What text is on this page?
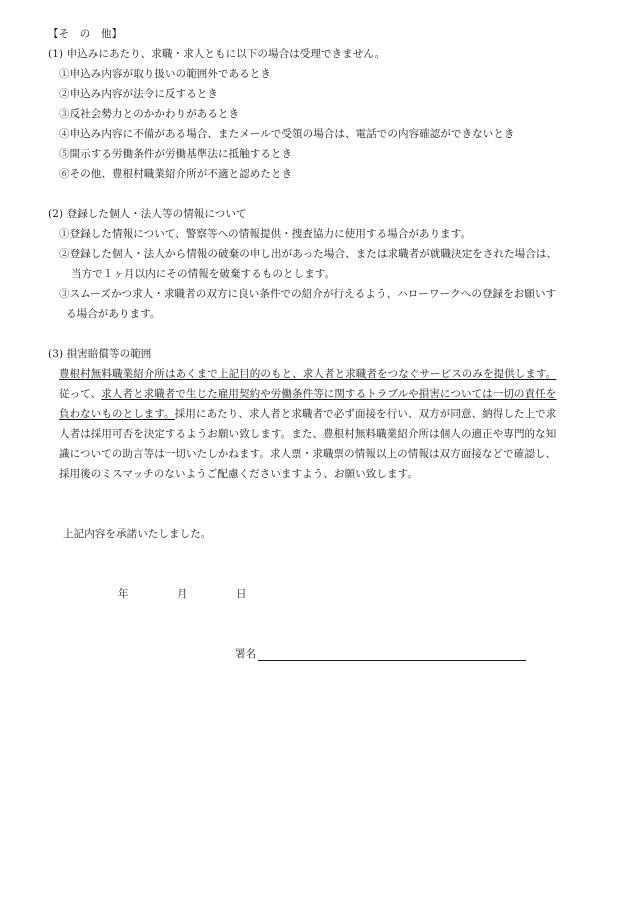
【そ　の　他】
(1) 申込みにあたり、求職・求人ともに以下の場合は受理できません。
①申込み内容が取り扱いの範囲外であるとき
②申込み内容が法令に反するとき
③反社会勢力とのかかわりがあるとき
④申込み内容に不備がある場合、またメールで受領の場合は、電話での内容確認ができないとき
⑤開示する労働条件が労働基準法に抵触するとき
⑥その他、豊根村職業紹介所が不適と認めたとき
(2) 登録した個人・法人等の情報について
①登録した情報について、警察等への情報提供・捜査協力に使用する場合があります。
②登録した個人・法人から情報の破棄の申し出があった場合、または求職者が就職決定をされた場合は、
当方で１ヶ月以内にその情報を破棄するものとします。
③スムーズかつ求人・求職者の双方に良い条件での紹介が行えるよう、ハローワークへの登録をお願いす
る場合があります。
(3) 損害賠償等の範囲
豊根村無料職業紹介所はあくまで上記目的のもと、求人者と求職者をつなぐサービスのみを提供します。
従って、求人者と求職者で生じた雇用契約や労働条件等に関するトラブルや損害については一切の責任を
負わないものとします。採用にあたり、求人者と求職者で必ず面接を行い、双方が同意、納得した上で求
人者は採用可否を決定するようお願い致します。また、豊根村無料職業紹介所は個人の適正や専門的な知
識についての助言等は一切いたしかねます。求人票・求職票の情報以上の情報は双方面接などで確認し、
採用後のミスマッチのないようご配慮くださいますよう、お願い致します。
上記内容を承諾いたしました。
年	月	日
署名
